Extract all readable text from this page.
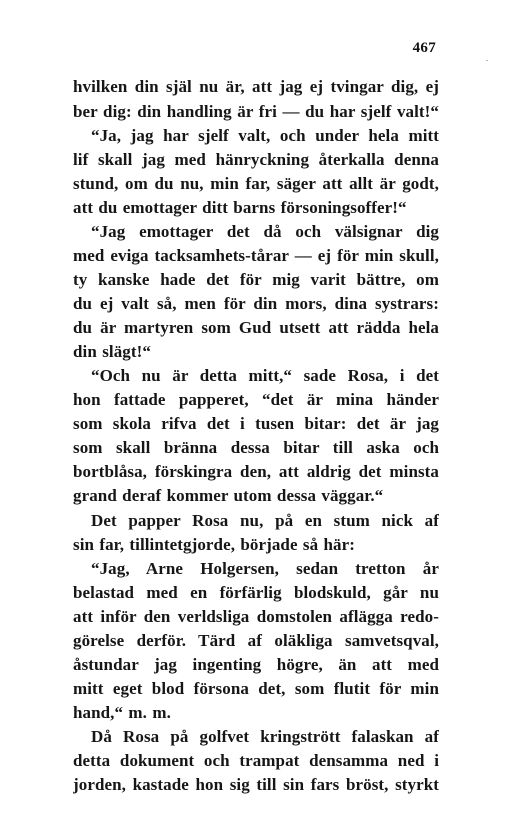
467
hvilken din själ nu är, att jag ej tvingar dig, ej
ber dig: din handling är fri — du har sjelf valt!“
“Ja, jag har sjelf valt, och under hela mitt
lif skall jag med hänryckning återkalla denna
stund, om du nu, min far, säger att allt är godt,
att du emottager ditt barns försoningsoffer!“
“Jag emottager det då och välsignar dig
med eviga tacksamhets-tårar — ej för min skull,
ty kanske hade det för mig varit bättre, om
du ej valt så, men för din mors, dina systrars:
du är martyren som Gud utsett att rädda hela
din slägt!“
“Och nu är detta mitt,“ sade Rosa, i det
hon fattade papperet, “det är mina händer
som skola rifva det i tusen bitar: det är jag
som skall bränna dessa bitar till aska och
bortblåsa, förskingra den, att aldrig det minsta
grand deraf kommer utom dessa väggar.“
Det papper Rosa nu, på en stum nick af
sin far, tillintetgjorde, började så här:
“Jag, Arne Holgersen, sedan tretton år
belastad med en förfärlig blodskuld, går nu
att inför den verldsliga domstolen aflägga redo-
görelse derför. Tärd af oläkliga samvetsqval,
åstundar jag ingenting högre, än att med
mitt eget blod försona det, som flutit för min
hand,“ m. m.
Då Rosa på golfvet kringstrött falaskan af
detta dokument och trampat densamma ned i
jorden, kastade hon sig till sin fars bröst, styrkt
